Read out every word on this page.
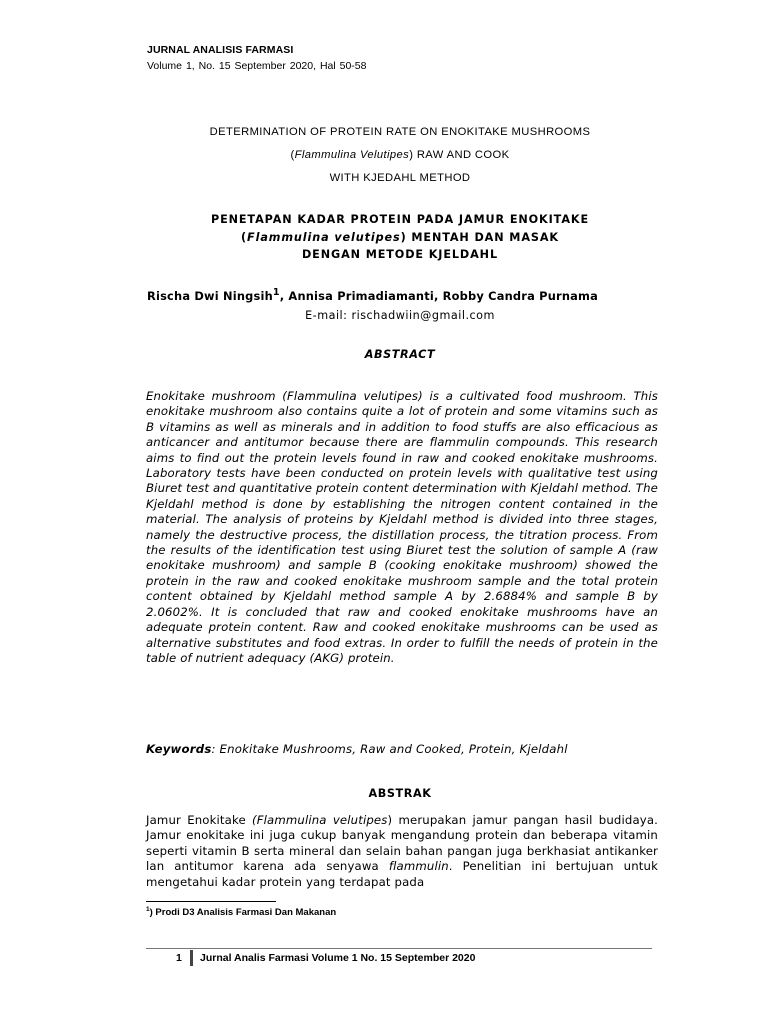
JURNAL ANALISIS FARMASI
Volume 1, No. 15 September 2020, Hal 50-58
DETERMINATION OF PROTEIN RATE ON ENOKITAKE MUSHROOMS
(Flammulina Velutipes) RAW AND COOK
WITH KJEDAHL METHOD
PENETAPAN KADAR PROTEIN PADA JAMUR ENOKITAKE
(Flammulina velutipes) MENTAH DAN MASAK
DENGAN METODE KJELDAHL
Rischa Dwi Ningsih$^1$, Annisa Primadiamanti, Robby Candra Purnama
E-mail: rischadwiin@gmail.com
ABSTRACT
Enokitake mushroom (Flammulina velutipes) is a cultivated food mushroom. This enokitake mushroom also contains quite a lot of protein and some vitamins such as B vitamins as well as minerals and in addition to food stuffs are also efficacious as anticancer and antitumor because there are flammulin compounds. This research aims to find out the protein levels found in raw and cooked enokitake mushrooms. Laboratory tests have been conducted on protein levels with qualitative test using Biuret test and quantitative protein content determination with Kjeldahl method. The Kjeldahl method is done by establishing the nitrogen content contained in the material. The analysis of proteins by Kjeldahl method is divided into three stages, namely the destructive process, the distillation process, the titration process. From the results of the identification test using Biuret test the solution of sample A (raw enokitake mushroom) and sample B (cooking enokitake mushroom) showed the protein in the raw and cooked enokitake mushroom sample and the total protein content obtained by Kjeldahl method sample A by 2.6884% and sample B by 2.0602%. It is concluded that raw and cooked enokitake mushrooms have an adequate protein content. Raw and cooked enokitake mushrooms can be used as alternative substitutes and food extras. In order to fulfill the needs of protein in the table of nutrient adequacy (AKG) protein.
Keywords: Enokitake Mushrooms, Raw and Cooked, Protein, Kjeldahl
ABSTRAK
Jamur Enokitake (Flammulina velutipes) merupakan jamur pangan hasil budidaya. Jamur enokitake ini juga cukup banyak mengandung protein dan beberapa vitamin seperti vitamin B serta mineral dan selain bahan pangan juga berkhasiat antikanker lan antitumor karena ada senyawa flammulin. Penelitian ini bertujuan untuk mengetahui kadar protein yang terdapat pada
$^1$) Prodi D3 Analisis Farmasi Dan Makanan
1 Jurnal Analis Farmasi Volume 1 No. 15 September 2020
